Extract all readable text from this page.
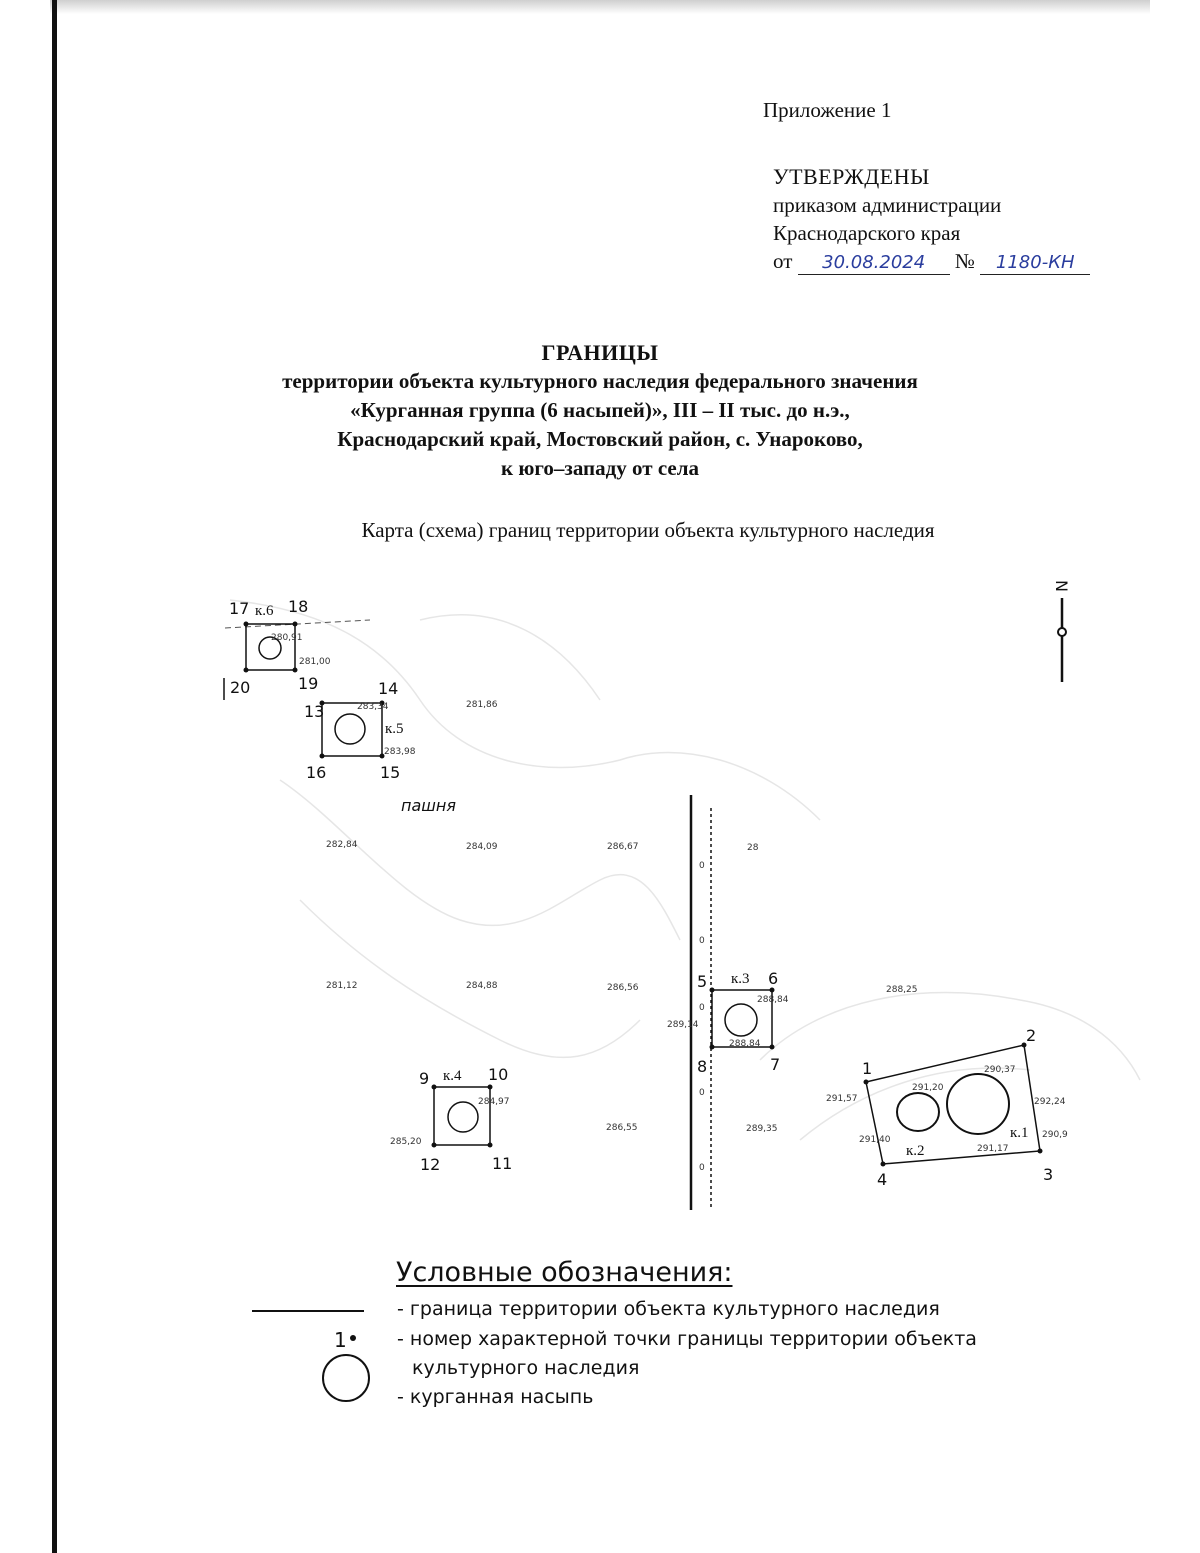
Приложение 1
УТВЕРЖДЕНЫ
приказом администрации
Краснодарского края
от 30.08.2024 № 1180-КН
ГРАНИЦЫ
территории объекта культурного наследия федерального значения
«Курганная группа (6 насыпей)», III – II тыс. до н.э.,
Краснодарский край, Мостовский район, с. Унароково,
к юго–западу от села
Карта (схема) границ территории объекта культурного наследия
N
0
0
0
0
0
к.6
17 18
20	19
280,91
281,00
к.5
14
13
16	15
283,34
283,98
281,86
пашня
282,84	284,09	286,67	28
281,12	284,88	286,56
к.3
5	6
8	7
288,84
289,14
288,84
288,25
к.4
9	10
12	11
284,97
285,20
286,55	289,35
1
2
3
4
к.2
к.1
291,57
291,20
290,37
292,24
291,40
291,17
290,9
Условные обозначения:
- граница территории объекта культурного наследия
1	- номер характерной точки границы территории объекта
культурного наследия
- курганная насыпь
